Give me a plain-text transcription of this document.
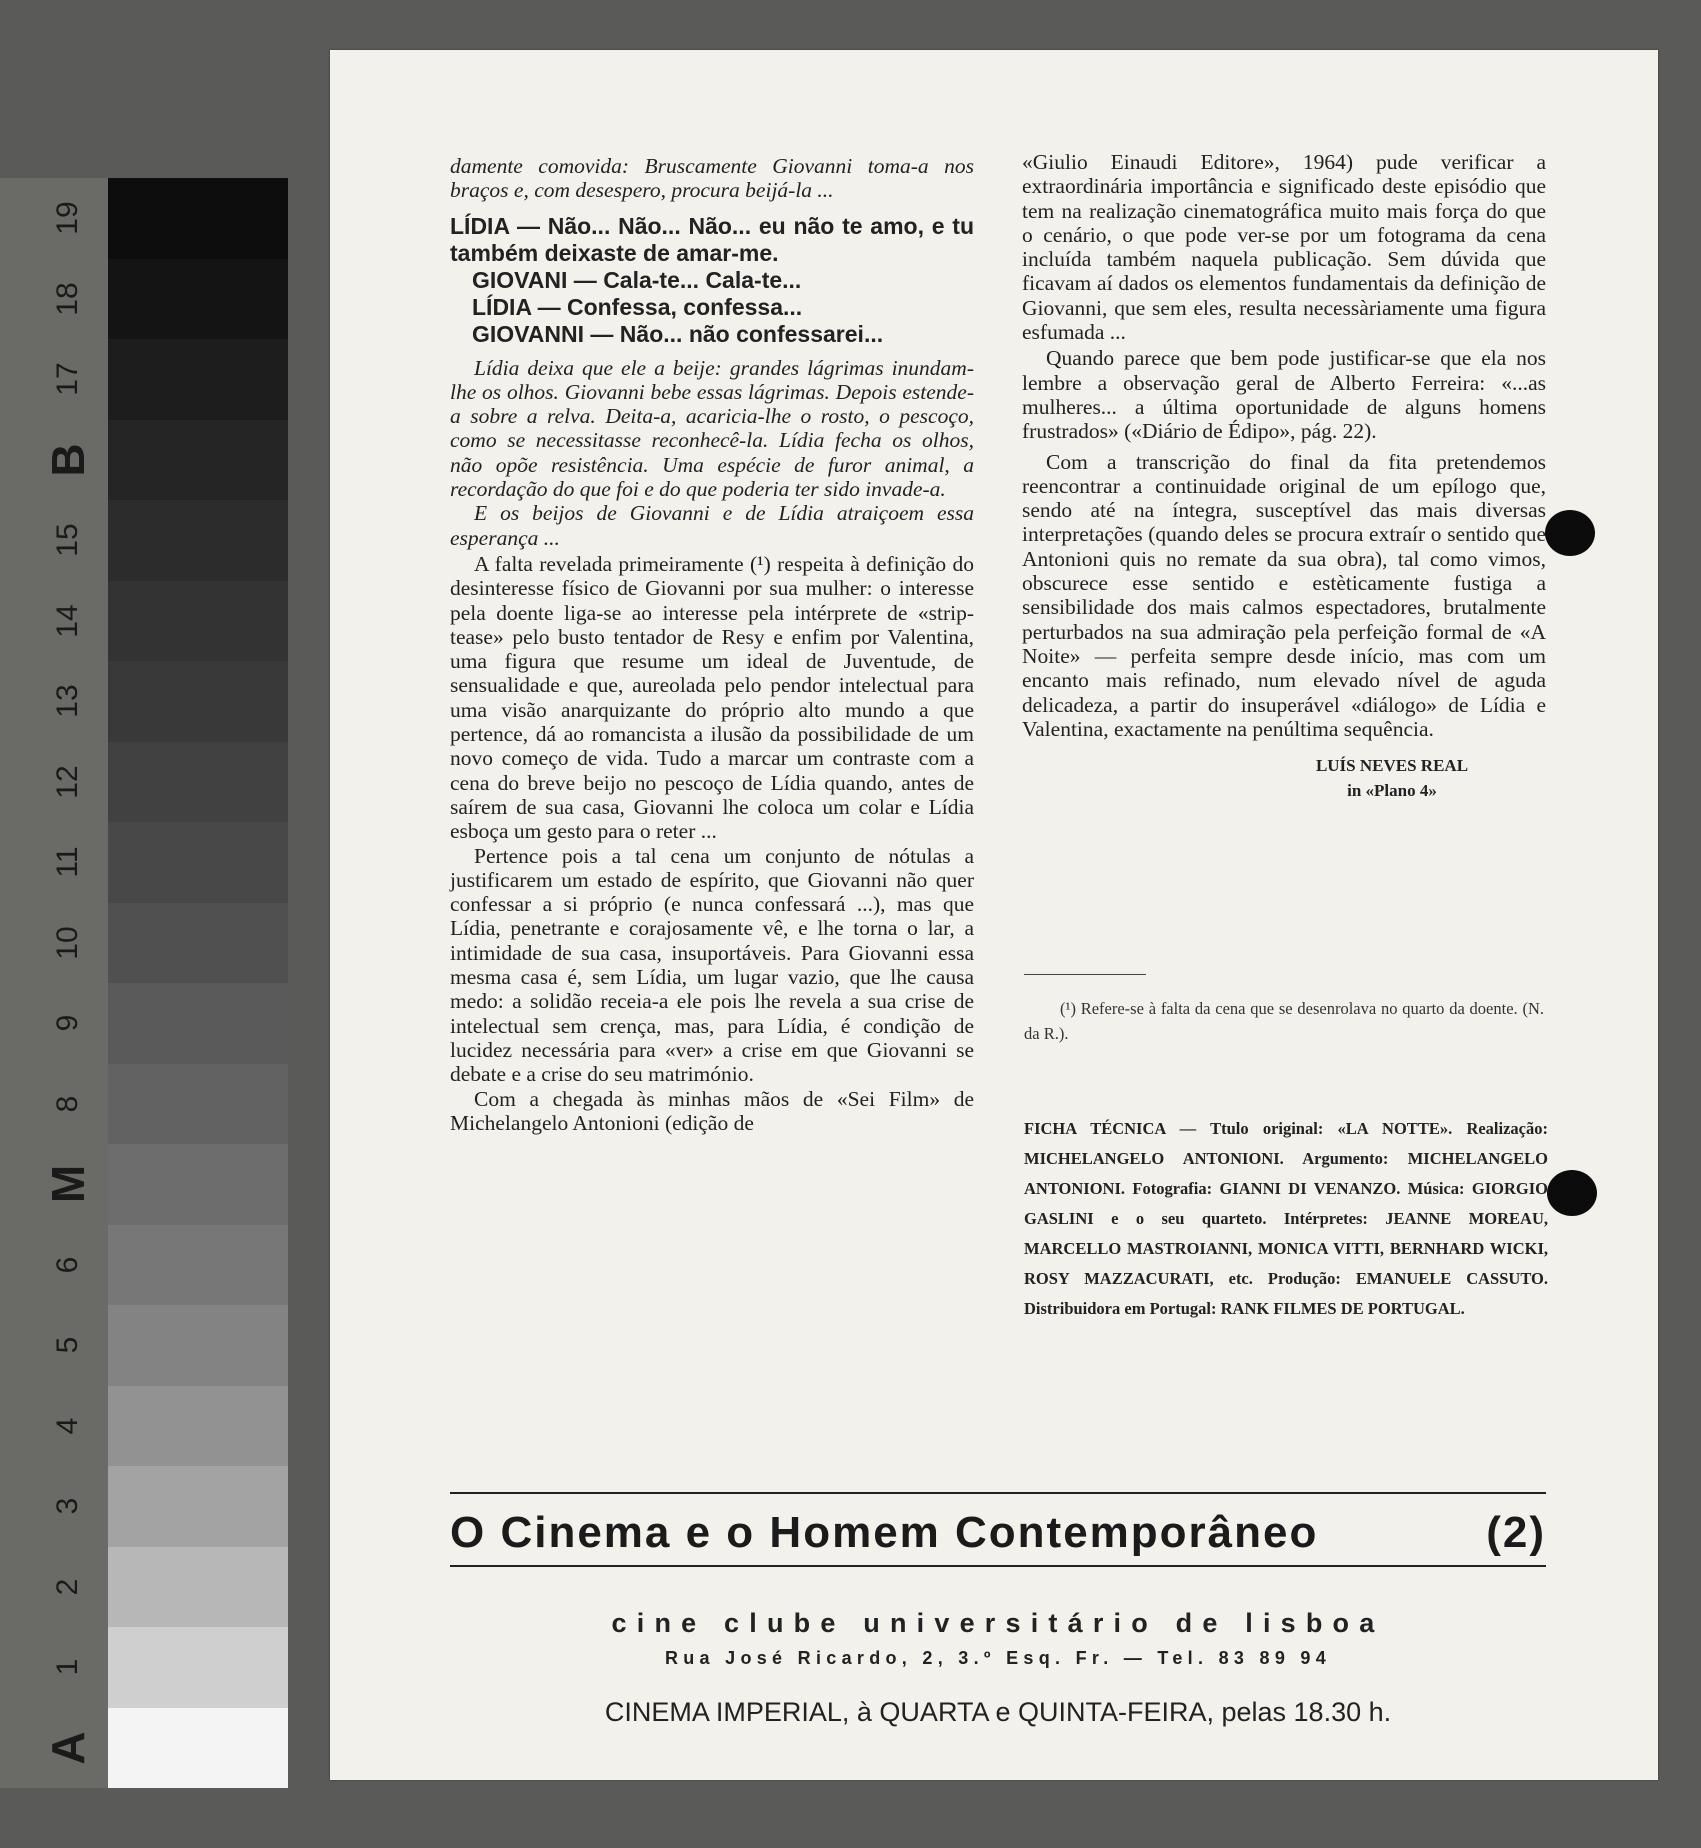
19
18
17
B
15
14
13
12
11
10
9
8
M
6
5
4
3
2
1
A

damente comovida: Bruscamente Giovanni toma-a nos braços e, com desespero, procura beijá-la ...

LÍDIA — Não... Não... Não... eu não te amo, e tu também deixaste de amar-me.

GIOVANI — Cala-te... Cala-te...

LÍDIA — Confessa, confessa...

GIOVANNI — Não... não confessarei...

Lídia deixa que ele a beije: grandes lágrimas inundam-lhe os olhos. Giovanni bebe essas lágrimas. Depois estende-a sobre a relva. Deita-a, acaricia-lhe o rosto, o pescoço, como se necessitasse reconhecê-la. Lídia fecha os olhos, não opõe resistência. Uma espécie de furor animal, a recordação do que foi e do que poderia ter sido invade-a.

E os beijos de Giovanni e de Lídia atraiçoem essa esperança ...

A falta revelada primeiramente (¹) respeita à definição do desinteresse físico de Giovanni por sua mulher: o interesse pela doente liga-se ao interesse pela intérprete de «strip-tease» pelo busto tentador de Resy e enfim por Valentina, uma figura que resume um ideal de Juventude, de sensualidade e que, aureolada pelo pendor intelectual para uma visão anarquizante do próprio alto mundo a que pertence, dá ao romancista a ilusão da possibilidade de um novo começo de vida. Tudo a marcar um contraste com a cena do breve beijo no pescoço de Lídia quando, antes de saírem de sua casa, Giovanni lhe coloca um colar e Lídia esboça um gesto para o reter ...

Pertence pois a tal cena um conjunto de nótulas a justificarem um estado de espírito, que Giovanni não quer confessar a si próprio (e nunca confessará ...), mas que Lídia, penetrante e corajosamente vê, e lhe torna o lar, a intimidade de sua casa, insuportáveis. Para Giovanni essa mesma casa é, sem Lídia, um lugar vazio, que lhe causa medo: a solidão receia-a ele pois lhe revela a sua crise de intelectual sem crença, mas, para Lídia, é condição de lucidez necessária para «ver» a crise em que Giovanni se debate e a crise do seu matrimónio.

Com a chegada às minhas mãos de «Sei Film» de Michelangelo Antonioni (edição de

«Giulio Einaudi Editore», 1964) pude verificar a extraordinária importância e significado deste episódio que tem na realização cinematográfica muito mais força do que o cenário, o que pode ver-se por um fotograma da cena incluída também naquela publicação. Sem dúvida que ficavam aí dados os elementos fundamentais da definição de Giovanni, que sem eles, resulta necessàriamente uma figura esfumada ...

Quando parece que bem pode justificar-se que ela nos lembre a observação geral de Alberto Ferreira: «...as mulheres... a última oportunidade de alguns homens frustrados» («Diário de Édipo», pág. 22).

Com a transcrição do final da fita pretendemos reencontrar a continuidade original de um epílogo que, sendo até na íntegra, susceptível das mais diversas interpretações (quando deles se procura extraír o sentido que Antonioni quis no remate da sua obra), tal como vimos, obscurece esse sentido e estèticamente fustiga a sensibilidade dos mais calmos espectadores, brutalmente perturbados na sua admiração pela perfeição formal de «A Noite» — perfeita sempre desde início, mas com um encanto mais refinado, num elevado nível de aguda delicadeza, a partir do insuperável «diálogo» de Lídia e Valentina, exactamente na penúltima sequência.

LUÍS NEVES REAL
in «Plano 4»
(¹) Refere-se à falta da cena que se desenrolava no quarto da doente. (N. da R.).
FICHA TÉCNICA — Ttulo original: «LA NOTTE». Realização: MICHELANGELO ANTONIONI. Argumento: MICHELANGELO ANTONIONI. Fotografia: GIANNI DI VENANZO. Música: GIORGIO GASLINI e o seu quarteto. Intérpretes: JEANNE MOREAU, MARCELLO MASTROIANNI, MONICA VITTI, BERNHARD WICKI, ROSY MAZZACURATI, etc. Produção: EMANUELE CASSUTO. Distribuidora em Portugal: RANK FILMES DE PORTUGAL.
O Cinema e o Homem Contemporâneo	(2)
cine clube universitário de lisboa
Rua José Ricardo, 2, 3.º Esq. Fr. — Tel. 83 89 94
CINEMA IMPERIAL, à QUARTA e QUINTA-FEIRA, pelas 18.30 h.
